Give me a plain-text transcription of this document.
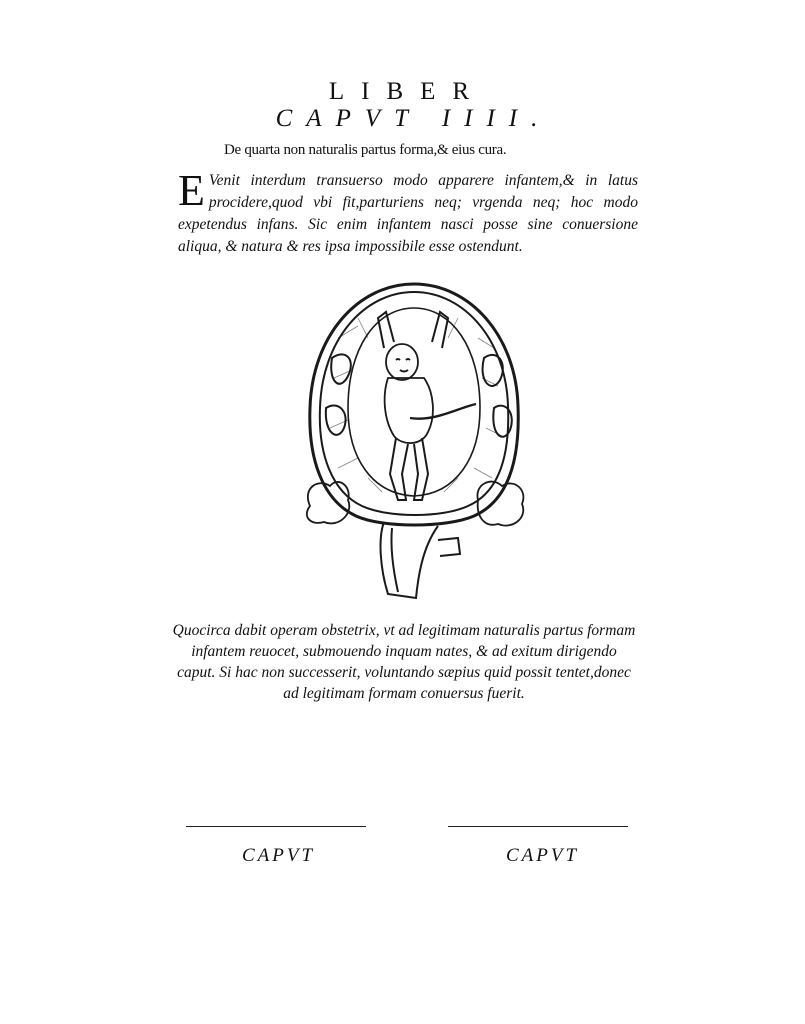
LIBER
CAPVT IIII.
De quarta non naturalis partus forma,& eius cura.
E Venit interdum transuerso modo apparere infantem,& in latus procidere,quod vbi fit,parturiens neq; vrgenda neq; hoc modo expetendus infans. Sic enim infantem nasci posse sine conuersione aliqua, & natura & res ipsa impossibile esse ostendunt.
Quocirca dabit operam obstetrix, vt ad legitimam naturalis partus formam infantem reuocet, submouendo inquam nates, & ad exitum dirigendo caput. Si hac non successerit, voluntando sæpius quid possit tentet,donec ad legitimam formam conuersus fuerit.
CAPVT	CAPVT
